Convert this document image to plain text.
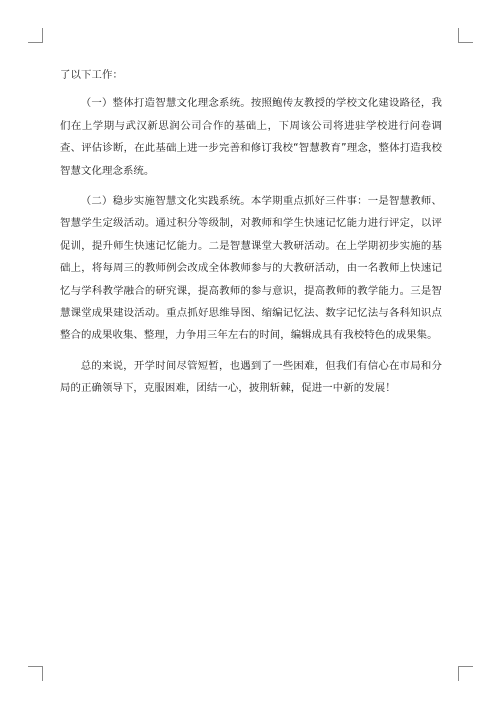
了以下工作：

（一）整体打造智慧文化理念系统。按照鲍传友教授的学校文化建设路径，我们在上学期与武汉新思润公司合作的基础上，下周该公司将进驻学校进行问卷调查、评估诊断，在此基础上进一步完善和修订我校“智慧教育”理念，整体打造我校智慧文化理念系统。

（二）稳步实施智慧文化实践系统。本学期重点抓好三件事：一是智慧教师、智慧学生定级活动。通过积分等级制，对教师和学生快速记忆能力进行评定，以评促训，提升师生快速记忆能力。二是智慧课堂大教研活动。在上学期初步实施的基础上，将每周三的教师例会改成全体教师参与的大教研活动，由一名教师上快速记忆与学科教学融合的研究课，提高教师的参与意识，提高教师的教学能力。三是智慧课堂成果建设活动。重点抓好思维导图、缩编记忆法、数字记忆法与各科知识点整合的成果收集、整理，力争用三年左右的时间，编辑成具有我校特色的成果集。

总的来说，开学时间尽管短暂，也遇到了一些困难，但我们有信心在市局和分局的正确领导下，克服困难，团结一心，披荆斩棘，促进一中新的发展！
